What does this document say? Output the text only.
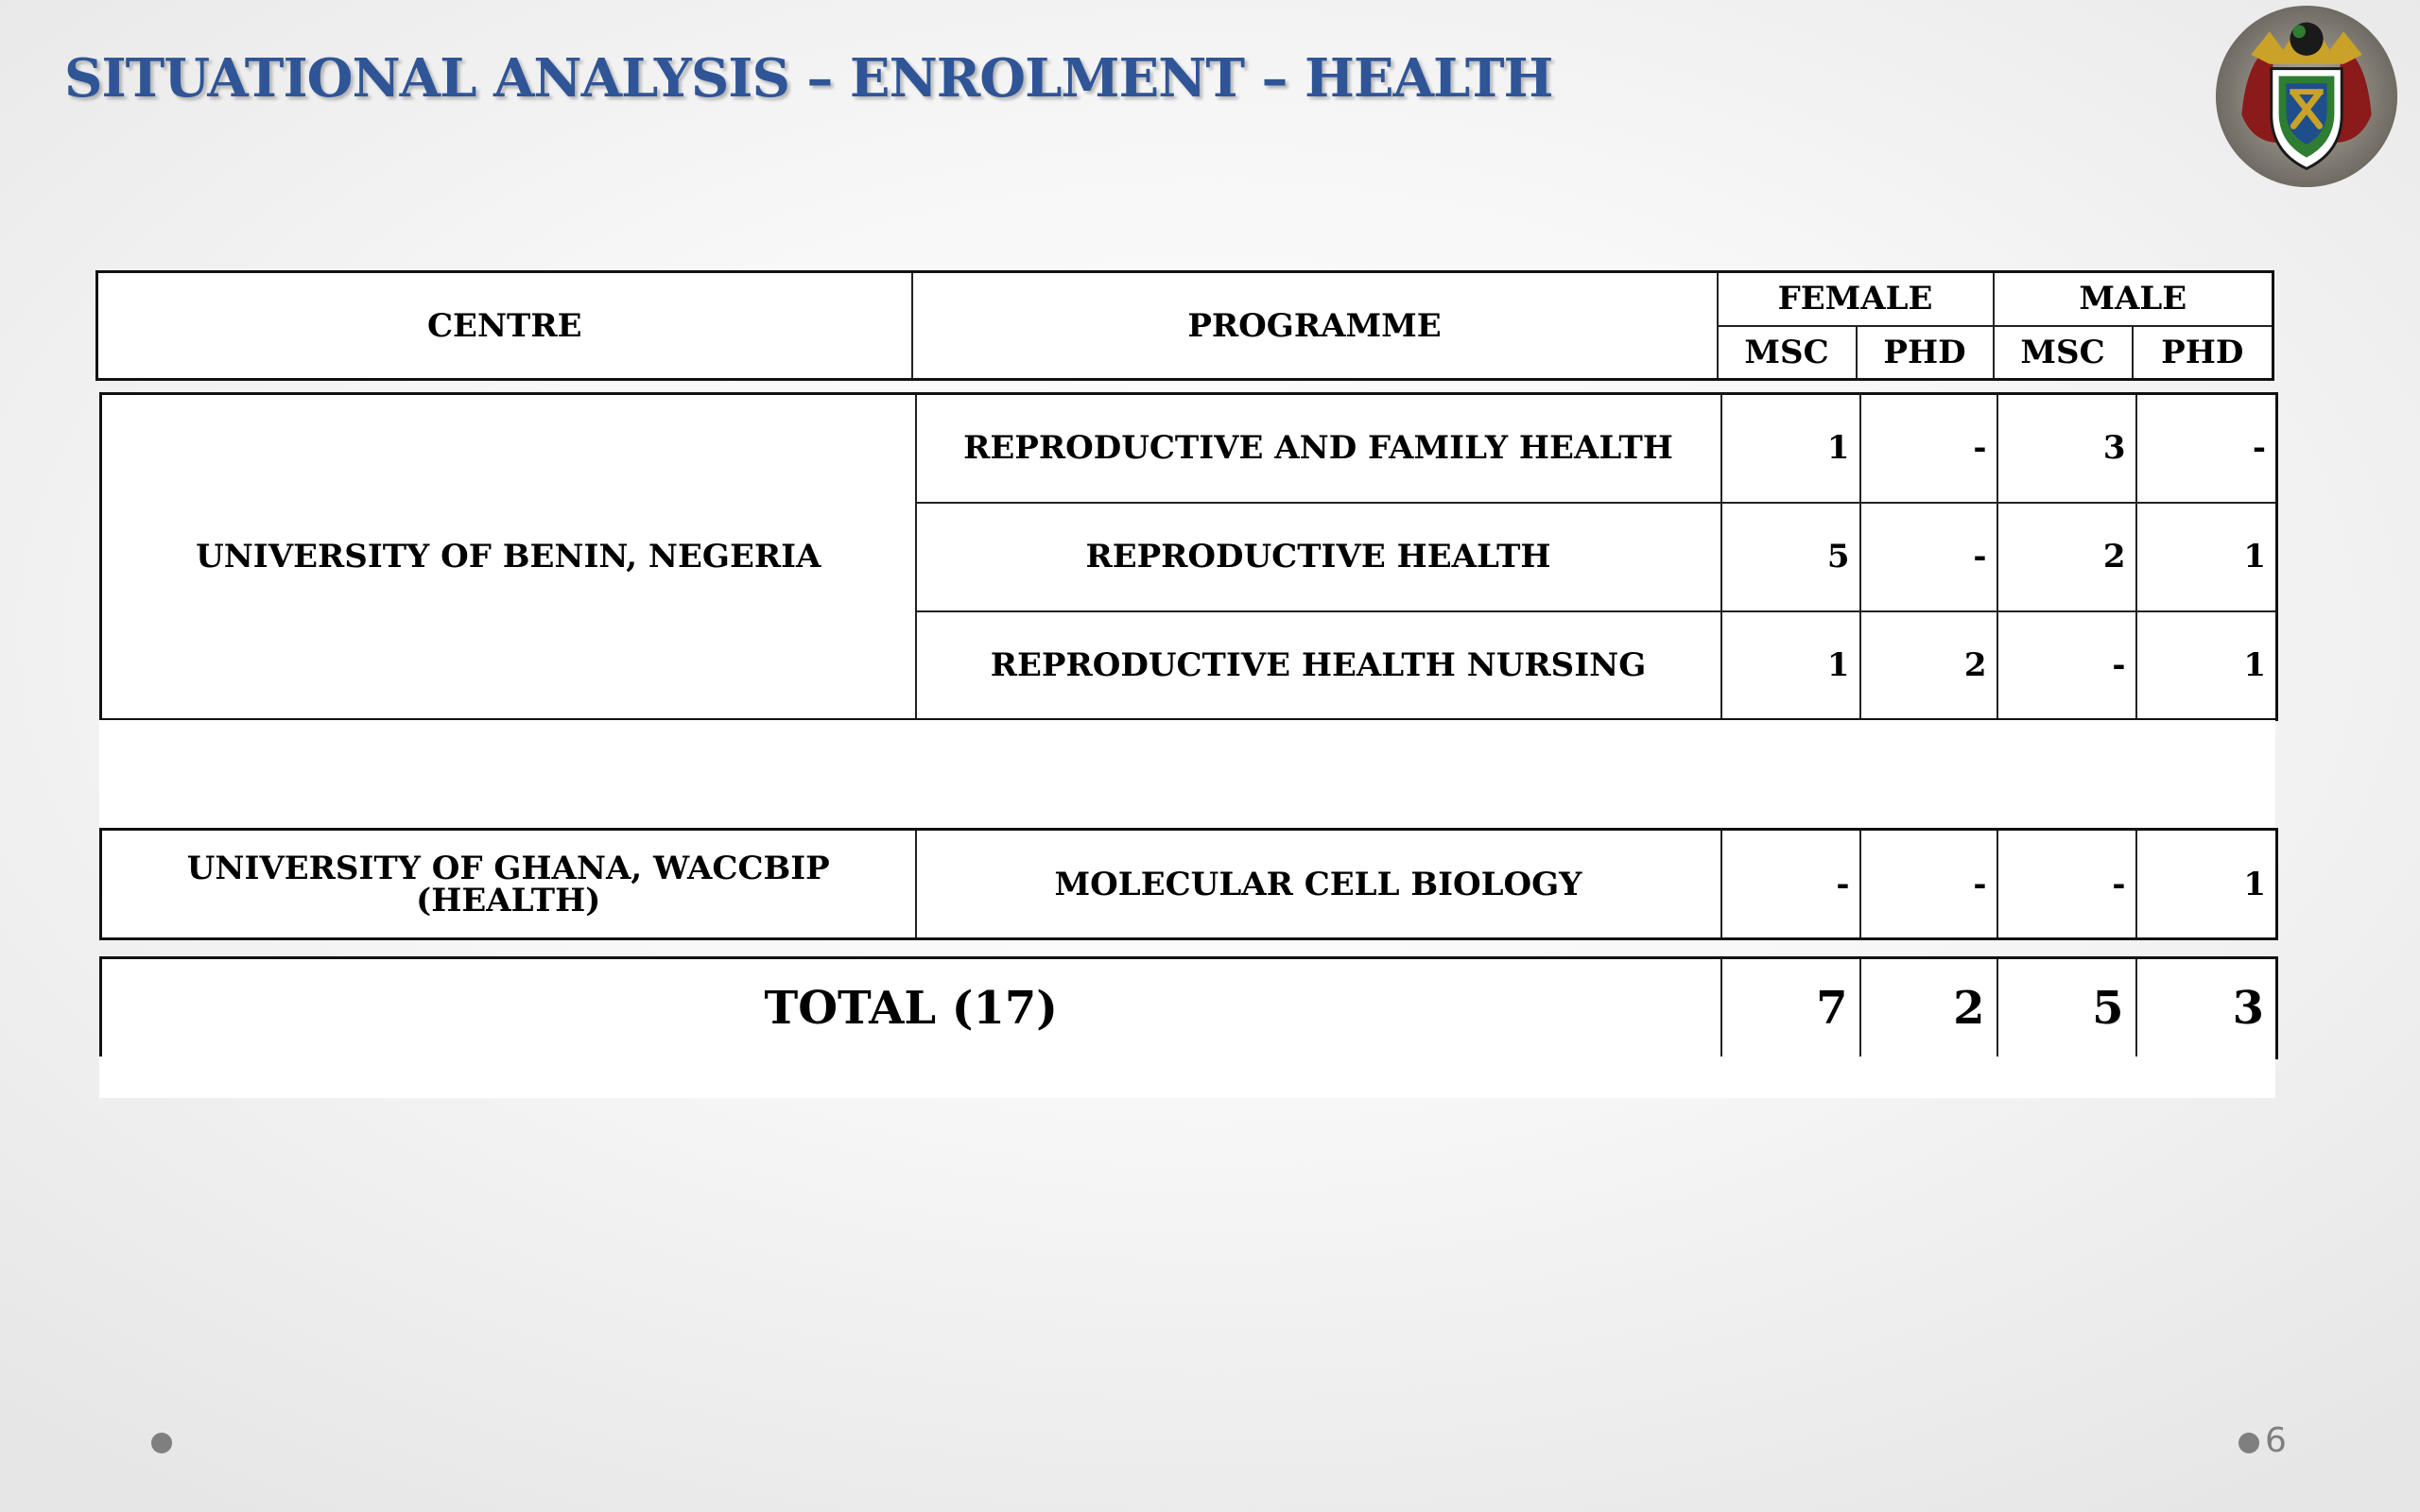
SITUATIONAL ANALYSIS – ENROLMENT – HEALTH
CENTRE	PROGRAMME	FEMALE		MALE	
		MSC	PHD	MSC	PHD
UNIVERSITY OF BENIN, NEGERIA	REPRODUCTIVE AND FAMILY HEALTH	1	-	3	-
	REPRODUCTIVE HEALTH	5	-	2	1
	REPRODUCTIVE HEALTH NURSING	1	2	-	1
UNIVERSITY OF GHANA, WACCBIP (HEALTH)	MOLECULAR CELL BIOLOGY	-	-	-	1
TOTAL (17)	7	2	5	3
6
